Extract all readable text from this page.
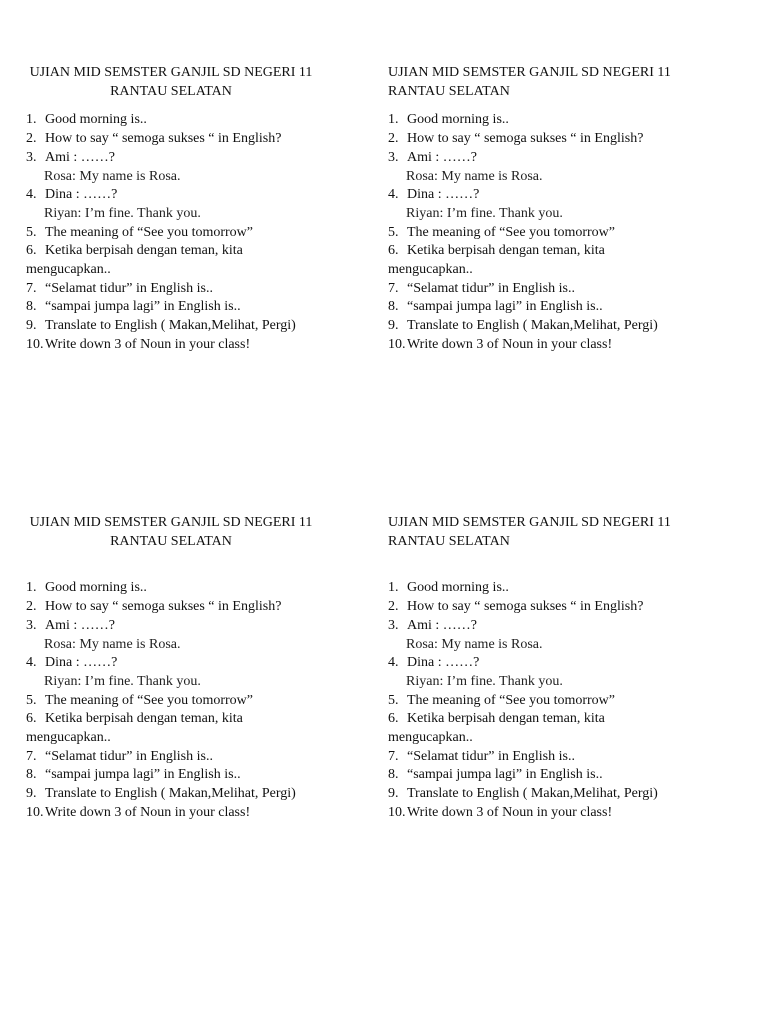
UJIAN MID SEMSTER GANJIL SD NEGERI 11
RANTAU SELATAN
1. Good morning is..
2. How to say “ semoga sukses “ in English?
3. Ami : ……?
Rosa: My name is Rosa.
4. Dina : ……?
Riyan: I’m fine. Thank you.
5. The meaning of “See you tomorrow”
6. Ketika berpisah dengan teman, kita
mengucapkan..
7. “Selamat tidur” in English is..
8. “sampai jumpa lagi” in English is..
9. Translate to English ( Makan,Melihat, Pergi)
10. Write down 3 of Noun in your class!
UJIAN MID SEMSTER GANJIL SD NEGERI 11
RANTAU SELATAN
1. Good morning is..
2. How to say “ semoga sukses “ in English?
3. Ami : ……?
Rosa: My name is Rosa.
4. Dina : ……?
Riyan: I’m fine. Thank you.
5. The meaning of “See you tomorrow”
6. Ketika berpisah dengan teman, kita
mengucapkan..
7. “Selamat tidur” in English is..
8. “sampai jumpa lagi” in English is..
9. Translate to English ( Makan,Melihat, Pergi)
10. Write down 3 of Noun in your class!
UJIAN MID SEMSTER GANJIL SD NEGERI 11
RANTAU SELATAN
1. Good morning is..
2. How to say “ semoga sukses “ in English?
3. Ami : ……?
Rosa: My name is Rosa.
4. Dina : ……?
Riyan: I’m fine. Thank you.
5. The meaning of “See you tomorrow”
6. Ketika berpisah dengan teman, kita
mengucapkan..
7. “Selamat tidur” in English is..
8. “sampai jumpa lagi” in English is..
9. Translate to English ( Makan,Melihat, Pergi)
10. Write down 3 of Noun in your class!
UJIAN MID SEMSTER GANJIL SD NEGERI 11
RANTAU SELATAN
1. Good morning is..
2. How to say “ semoga sukses “ in English?
3. Ami : ……?
Rosa: My name is Rosa.
4. Dina : ……?
Riyan: I’m fine. Thank you.
5. The meaning of “See you tomorrow”
6. Ketika berpisah dengan teman, kita
mengucapkan..
7. “Selamat tidur” in English is..
8. “sampai jumpa lagi” in English is..
9. Translate to English ( Makan,Melihat, Pergi)
10. Write down 3 of Noun in your class!
